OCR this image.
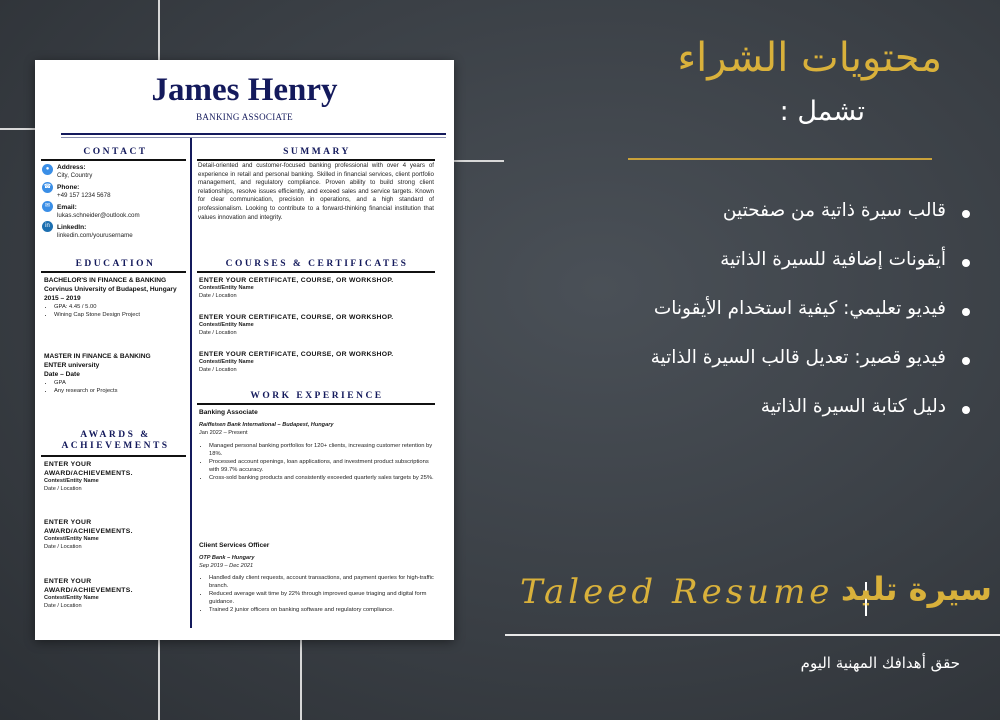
James Henry
BANKING ASSOCIATE
CONTACT
●	Address:
City, Country
☎ Phone:
+49 157 1234 5678
✉	Email:
lukas.schneider@outlook.com
in	LinkedIn:
linkedin.com/yourusername
EDUCATION
BACHELOR'S IN FINANCE & BANKING
Corvinus University of Budapest, Hungary
2015 – 2019
• GPA: 4.45 / 5.00
• Wining Cap Stone Design Project
MASTER IN FINANCE & BANKING
ENTER university
Date – Date
• GPA
• Any research or Projects
AWARDS &
ACHIEVEMENTS
ENTER YOUR
AWARD/ACHIEVEMENTS.
Contest/Entity Name
Date / Location
ENTER YOUR
AWARD/ACHIEVEMENTS.
Contest/Entity Name
Date / Location
ENTER YOUR
AWARD/ACHIEVEMENTS.
Contest/Entity Name
Date / Location
SUMMARY
Detail-oriented and customer-focused banking professional with over 4 years of experience in retail and personal banking. Skilled in financial services, client portfolio management, and regulatory compliance. Proven ability to build strong client relationships, resolve issues efficiently, and exceed sales and service targets. Known for clear communication, precision in operations, and a high standard of professionalism. Looking to contribute to a forward-thinking financial institution that values innovation and integrity.
COURSES & CERTIFICATES
ENTER YOUR CERTIFICATE, COURSE, OR WORKSHOP.
Contest/Entity Name
Date / Location
ENTER YOUR CERTIFICATE, COURSE, OR WORKSHOP.
Contest/Entity Name
Date / Location
ENTER YOUR CERTIFICATE, COURSE, OR WORKSHOP.
Contest/Entity Name
Date / Location
WORK EXPERIENCE
Banking Associate
Raiffeisen Bank International – Budapest, Hungary
Jan 2022 – Present
• Managed personal banking portfolios for 120+ clients, increasing customer retention by 18%.
• Processed account openings, loan applications, and investment product subscriptions with 99.7% accuracy.
• Cross-sold banking products and consistently exceeded quarterly sales targets by 25%.
Client Services Officer
OTP Bank – Hungary
Sep 2019 – Dec 2021
• Handled daily client requests, account transactions, and payment queries for high-traffic branch.
• Reduced average wait time by 22% through improved queue triaging and digital form guidance.
• Trained 2 junior officers on banking software and regulatory compliance.
محتويات الشراء
تشمل :
قالب سيرة ذاتية من صفحتين
أيقونات إضافية للسيرة الذاتية
فيديو تعليمي: كيفية استخدام الأيقونات
فيديو قصير: تعديل قالب السيرة الذاتية
دليل كتابة السيرة الذاتية
Taleed Resume سيرة تليد
حقق أهدافك المهنية اليوم
